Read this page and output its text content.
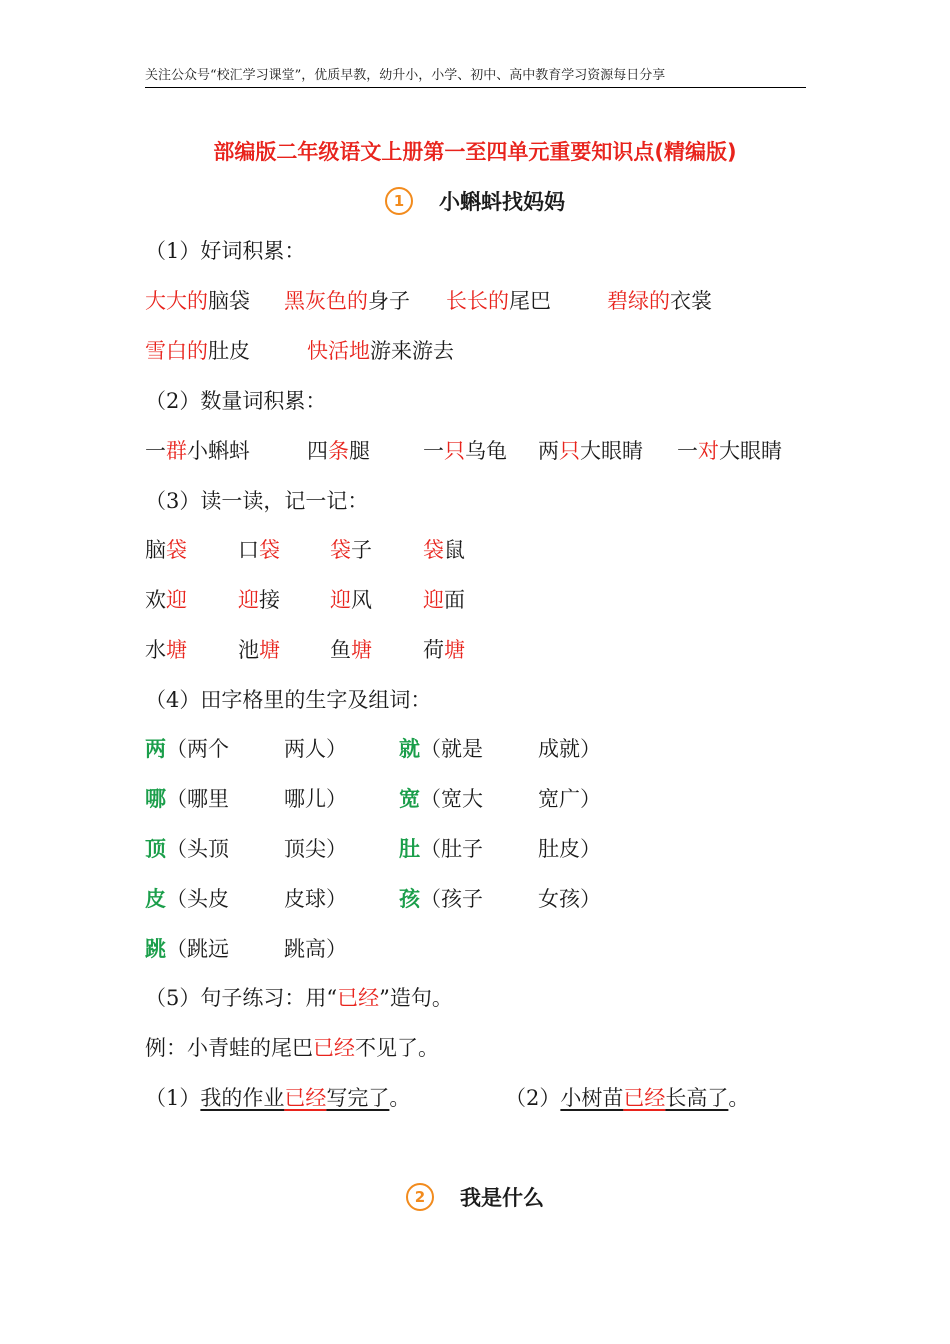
关注公众号“校汇学习课堂”，优质早教，幼升小，小学、初中、高中教育学习资源每日分享
部编版二年级语文上册第一至四单元重要知识点(精编版)
1 小蝌蚪找妈妈
（1）好词积累：
大大的脑袋 黑灰色的身子 长长的尾巴	碧绿的衣裳
雪白的肚皮	快活地游来游去
（2）数量词积累：
一群小蝌蚪	四条腿	一只乌龟 两只大眼睛 一对大眼睛
（3）读一读，记一记：
脑袋 口袋 袋子 袋鼠
欢迎 迎接 迎风 迎面
水塘 池塘 鱼塘 荷塘
（4）田字格里的生字及组词：
两（两个	两人） 就（就是	成就）
哪（哪里	哪儿） 宽（宽大	宽广）
顶（头顶	顶尖） 肚（肚子	肚皮）
皮（头皮	皮球） 孩（孩子	女孩）
跳（跳远	跳高）
（5）句子练习：用“已经”造句。
例：小青蛙的尾巴已经不见了。
（1）我的作业已经写完了。	（2）小树苗已经长高了。
2 我是什么
